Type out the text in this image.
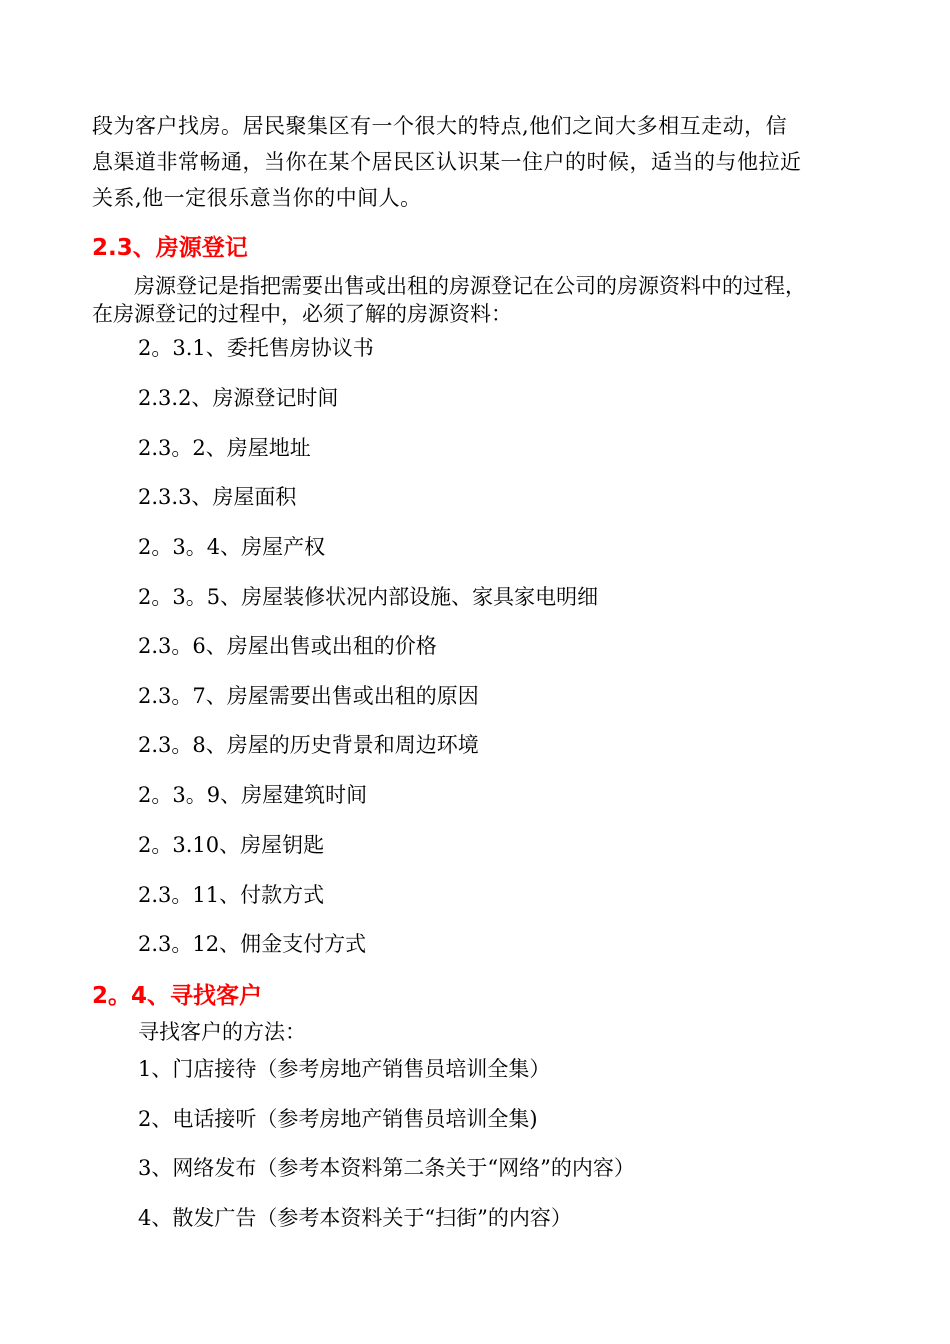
段为客户找房。居民聚集区有一个很大的特点,他们之间大多相互走动，信
息渠道非常畅通，当你在某个居民区认识某一住户的时候，适当的与他拉近
关系,他一定很乐意当你的中间人。

2.3、房源登记

　　房源登记是指把需要出售或出租的房源登记在公司的房源资料中的过程，
在房源登记的过程中，必须了解的房源资料：

2。3.1、委托售房协议书

2.3.2、房源登记时间

2.3。2、房屋地址

2.3.3、房屋面积

2。3。4、房屋产权

2。3。5、房屋装修状况内部设施、家具家电明细

2.3。6、房屋出售或出租的价格

2.3。7、房屋需要出售或出租的原因

2.3。8、房屋的历史背景和周边环境

2。3。9、房屋建筑时间

2。3.10、房屋钥匙

2.3。11、付款方式

2.3。12、佣金支付方式

2。4、寻找客户

寻找客户的方法：

1、门店接待（参考房地产销售员培训全集）

2、电话接听（参考房地产销售员培训全集)

3、网络发布（参考本资料第二条关于“网络”的内容）

4、散发广告（参考本资料关于“扫街”的内容）
